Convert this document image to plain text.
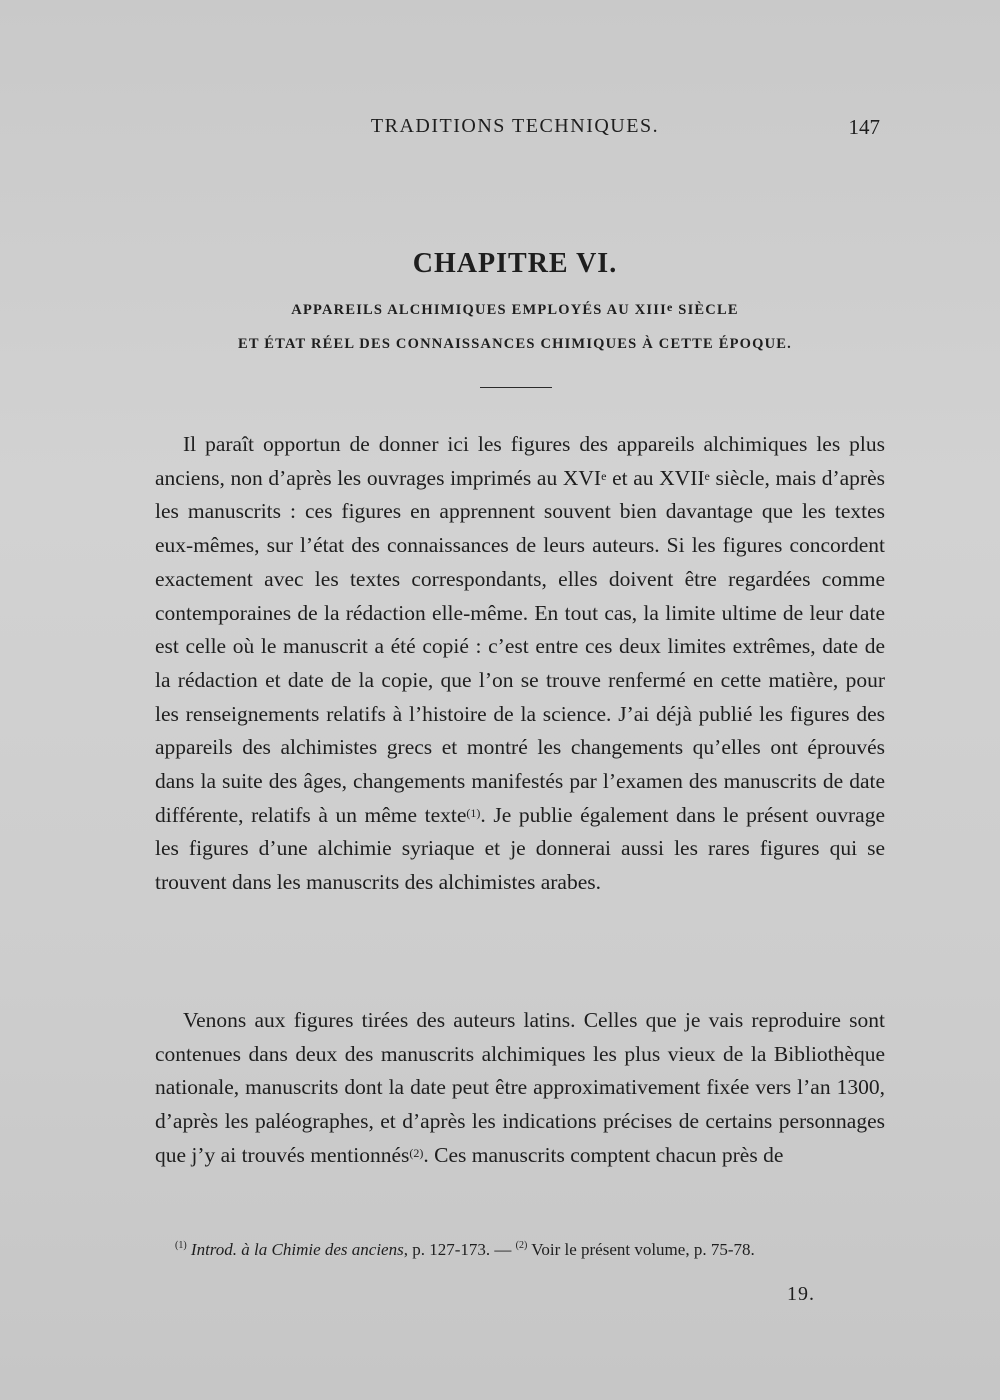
TRADITIONS TECHNIQUES.	147
CHAPITRE VI.
APPAREILS ALCHIMIQUES EMPLOYÉS AU XIIIe SIÈCLE
ET ÉTAT RÉEL DES CONNAISSANCES CHIMIQUES À CETTE ÉPOQUE.

Il paraît opportun de donner ici les figures des appareils alchimiques les plus anciens, non d’après les ouvrages imprimés au XVIe et au XVIIe siècle, mais d’après les manuscrits : ces figures en apprennent souvent bien davantage que les textes eux-mêmes, sur l’état des connaissances de leurs auteurs. Si les figures concordent exactement avec les textes correspondants, elles doivent être regardées comme contemporaines de la rédaction elle-même. En tout cas, la limite ultime de leur date est celle où le manuscrit a été copié : c’est entre ces deux limites extrêmes, date de la rédaction et date de la copie, que l’on se trouve renfermé en cette matière, pour les renseignements relatifs à l’histoire de la science. J’ai déjà publié les figures des appareils des alchimistes grecs et montré les changements qu’elles ont éprouvés dans la suite des âges, changements manifestés par l’examen des manuscrits de date différente, relatifs à un même texte$^{(1)}$. Je publie également dans le présent ouvrage les figures d’une alchimie syriaque et je donnerai aussi les rares figures qui se trouvent dans les manuscrits des alchimistes arabes.

Venons aux figures tirées des auteurs latins. Celles que je vais reproduire sont contenues dans deux des manuscrits alchimiques les plus vieux de la Bibliothèque nationale, manuscrits dont la date peut être approximativement fixée vers l’an 1300, d’après les paléographes, et d’après les indications précises de certains personnages que j’y ai trouvés mentionnés$^{(2)}$. Ces manuscrits comptent chacun près de

$^{(1)}$ Introd. à la Chimie des anciens, p. 127-173. — $^{(2)}$ Voir le présent volume, p. 75-78.
19.
